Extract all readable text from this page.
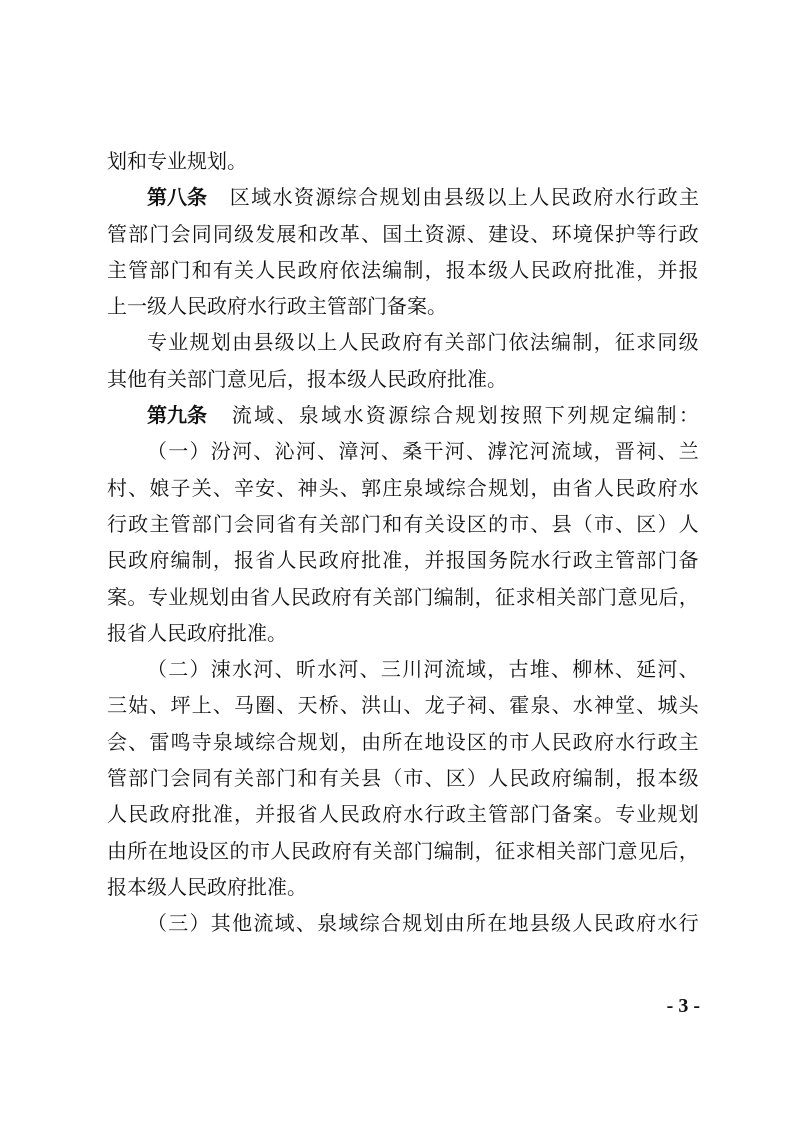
划 和 专 业 规 划 。
第八条 区 域 水 资 源 综 合 规 划 由 县 级 以 上 人 民 政 府 水 行 政 主
管 部 门 会 同 同 级 发 展 和 改 革 、 国 土 资 源 、 建 设 、 环 境 保 护 等 行 政
主 管 部 门 和 有 关 人 民 政 府 依 法 编 制 ， 报 本 级 人 民 政 府 批 准 ， 并 报
上 一 级 人 民 政 府 水 行 政 主 管 部 门 备 案 。
专 业 规 划 由 县 级 以 上 人 民 政 府 有 关 部 门 依 法 编 制 ， 征 求 同 级
其 他 有 关 部 门 意 见 后 ， 报 本 级 人 民 政 府 批 准 。
第九条 流 域 、 泉 域 水 资 源 综 合 规 划 按 照 下 列 规 定 编 制 ：
（ 一 ） 汾 河 、 沁 河 、 漳 河 、 桑 干 河 、 滹 沱 河 流 域 ， 晋 祠 、 兰
村 、 娘 子 关 、 辛 安 、 神 头 、 郭 庄 泉 域 综 合 规 划 ， 由 省 人 民 政 府 水
行 政 主 管 部 门 会 同 省 有 关 部 门 和 有 关 设 区 的 市 、 县 （ 市 、 区 ） 人
民 政 府 编 制 ， 报 省 人 民 政 府 批 准 ， 并 报 国 务 院 水 行 政 主 管 部 门 备
案 。 专 业 规 划 由 省 人 民 政 府 有 关 部 门 编 制 ， 征 求 相 关 部 门 意 见 后 ，
报 省 人 民 政 府 批 准 。
（ 二 ） 涑 水 河 、 昕 水 河 、 三 川 河 流 域 ， 古 堆 、 柳 林 、 延 河 、
三 姑 、 坪 上 、 马 圈 、 天 桥 、 洪 山 、 龙 子 祠 、 霍 泉 、 水 神 堂 、 城 头
会 、 雷 鸣 寺 泉 域 综 合 规 划 ， 由 所 在 地 设 区 的 市 人 民 政 府 水 行 政 主
管 部 门 会 同 有 关 部 门 和 有 关 县 （ 市 、 区 ） 人 民 政 府 编 制 ， 报 本 级
人 民 政 府 批 准 ， 并 报 省 人 民 政 府 水 行 政 主 管 部 门 备 案 。 专 业 规 划
由 所 在 地 设 区 的 市 人 民 政 府 有 关 部 门 编 制 ， 征 求 相 关 部 门 意 见 后 ，
报 本 级 人 民 政 府 批 准 。
（ 三 ） 其 他 流 域 、 泉 域 综 合 规 划 由 所 在 地 县 级 人 民 政 府 水 行
- 3 -
